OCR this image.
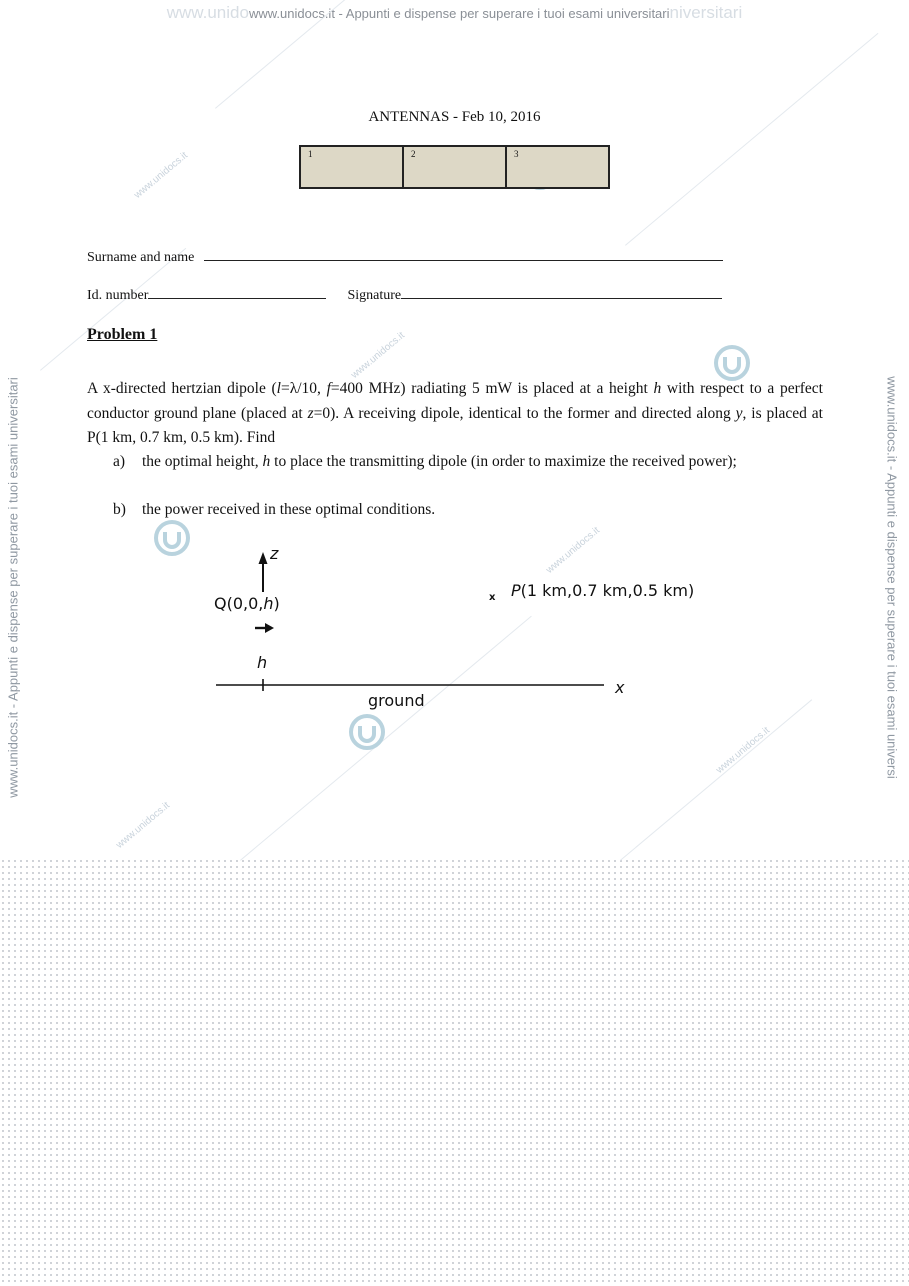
www.unidowww.unidocs.it - Appunti e dispense per superare i tuoi esami universitariniversitari
www.unidocs.it - Appunti e dispense per superare i tuoi esami universitari	www.unidocs.it - Appunti e dispense per superare i tuoi esami universi
www.unidocs.it
www.unidocs.it
www.unidocs.it
www.unidocs.it
www.unidocs.it
ANTENNAS - Feb 10, 2016
1	2	3
Surname and name
Id. number	Signature
Problem 1
A x-directed hertzian dipole (l=λ/10, f=400 MHz) radiating 5 mW is placed at a height h with respect to a perfect conductor ground plane (placed at z=0). A receiving dipole, identical to the former and directed along y, is placed at P(1 km, 0.7 km, 0.5 km). Find
a)	the optimal height, h to place the transmitting dipole (in order to maximize the received power);
b)	the power received in these optimal conditions.
z
Q(0,0,h)
h
x
ground
x P(1 km,0.7 km,0.5 km)
